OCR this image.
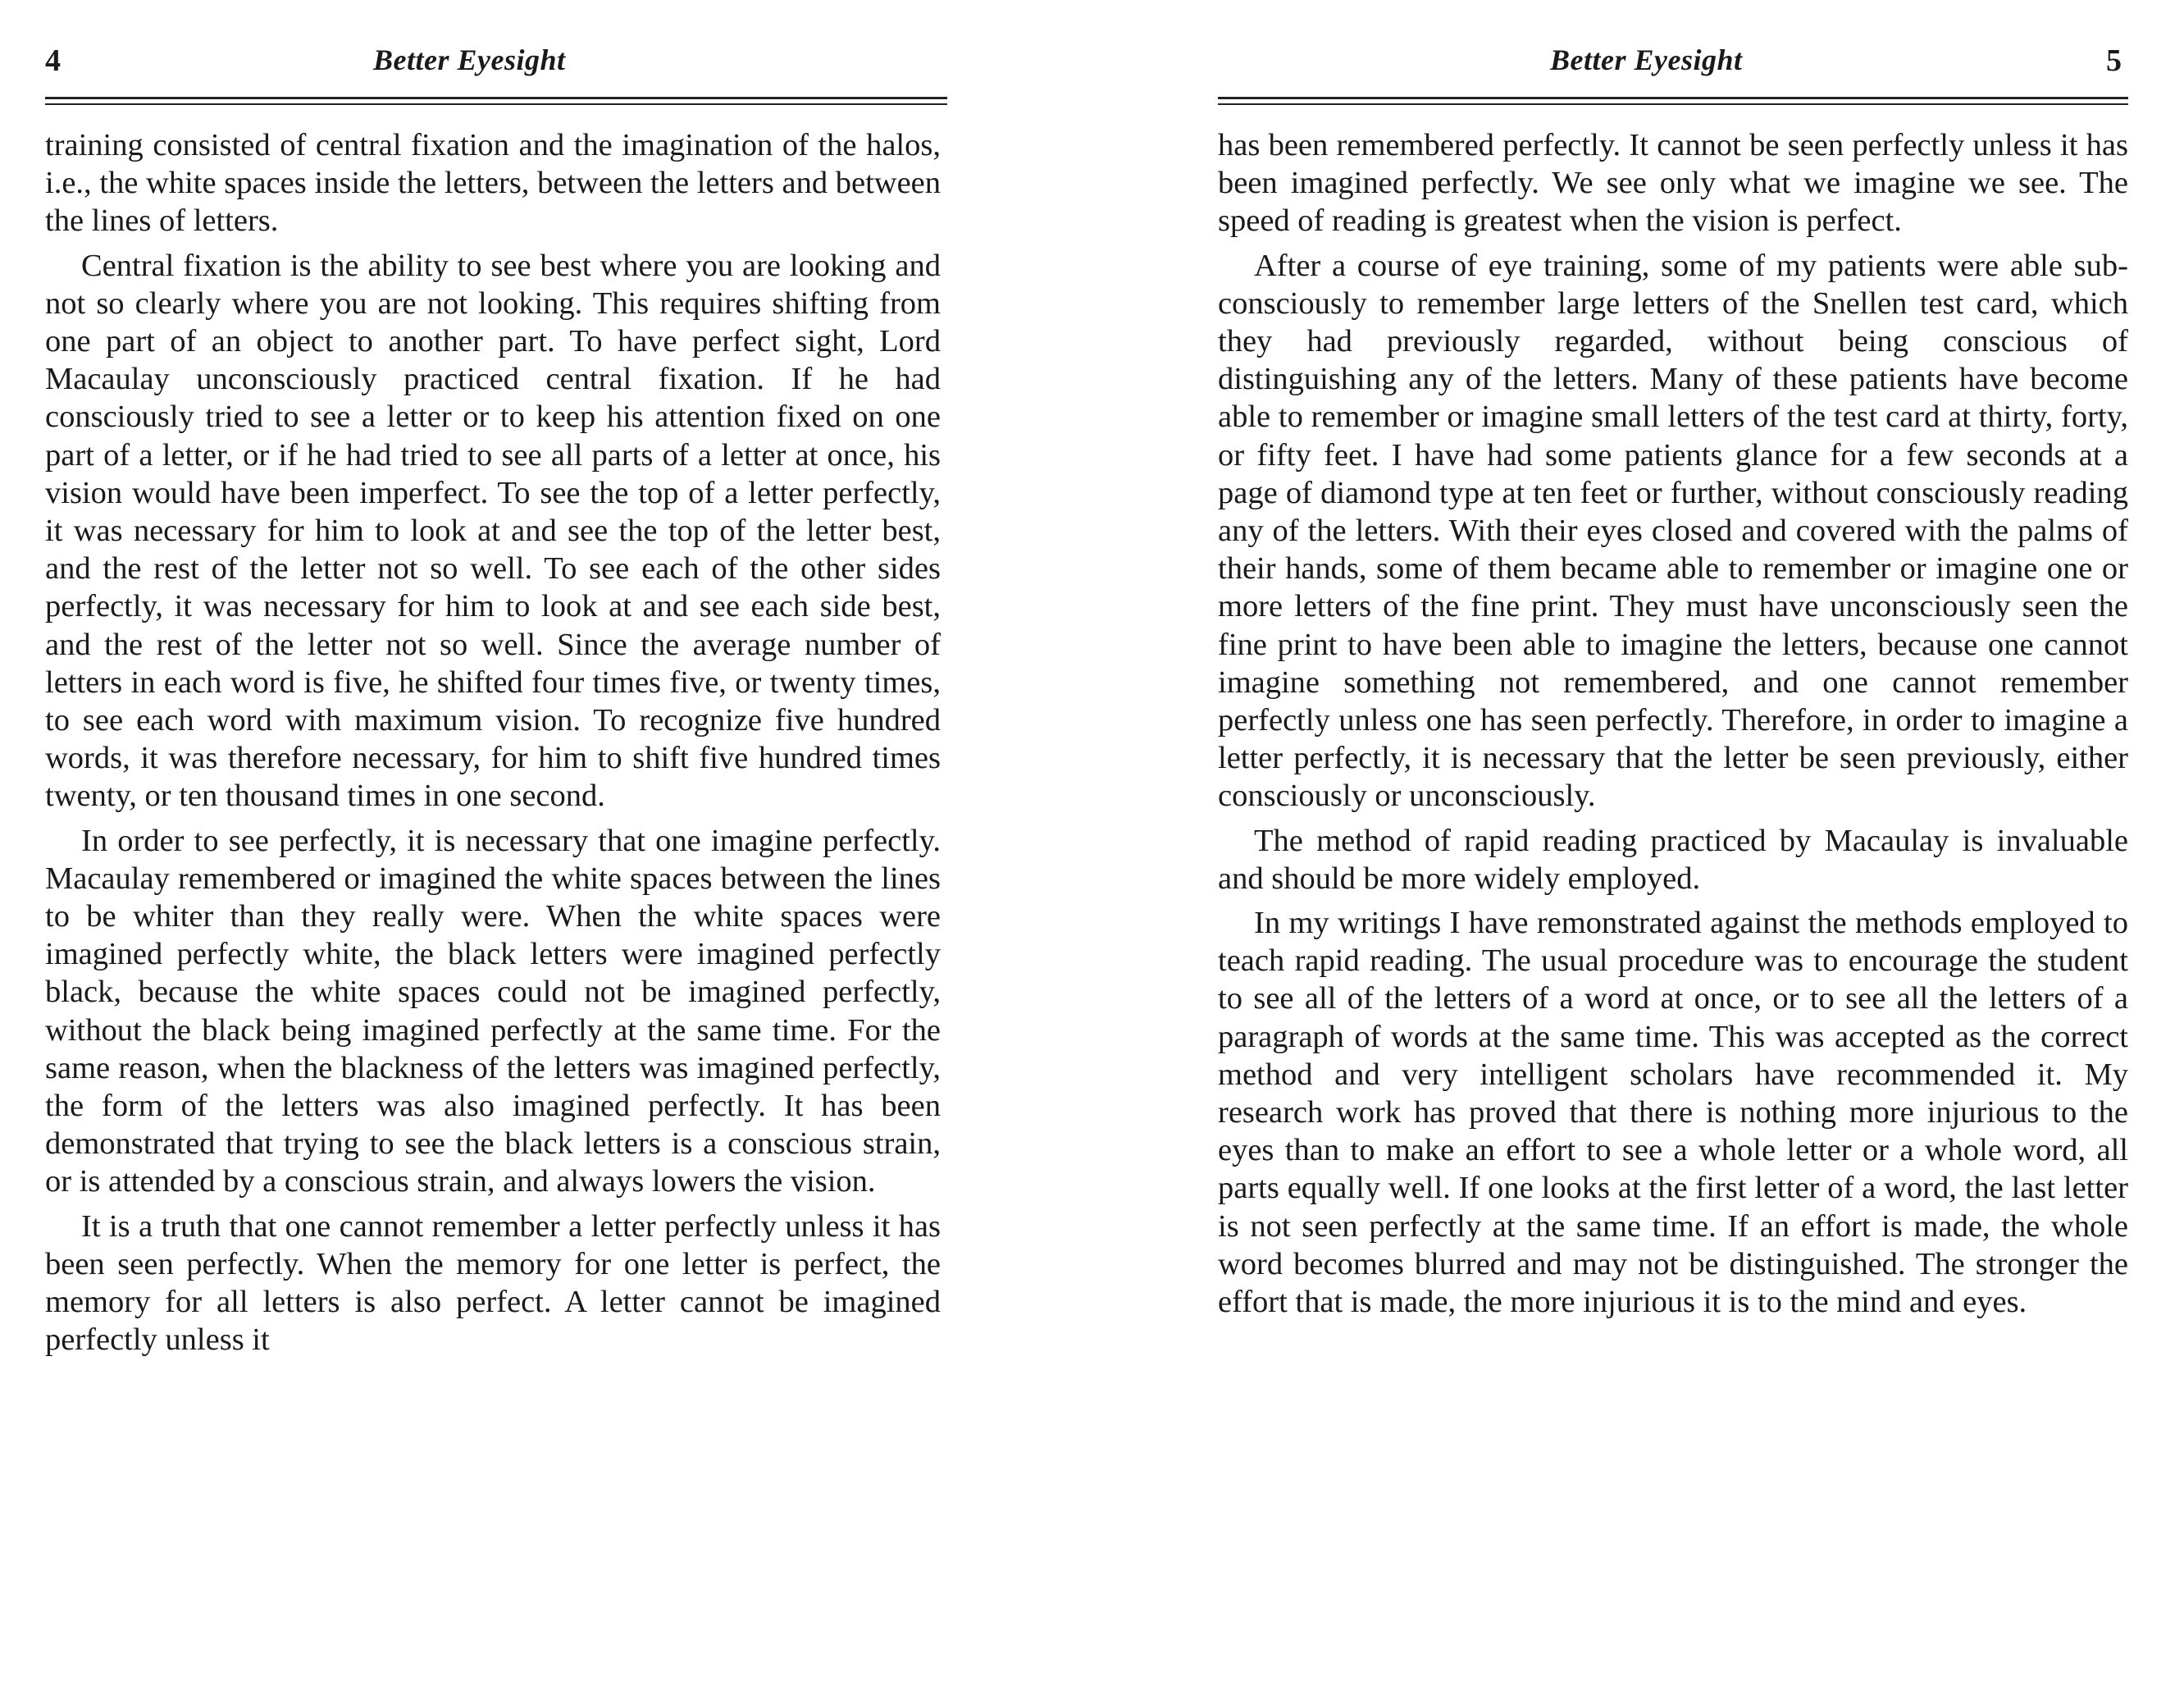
4	Better Eyesight

training consisted of central fixation and the imagination of the halos, i.e., the white spaces inside the letters, between the letters and between the lines of letters.

Central fixation is the ability to see best where you are looking and not so clearly where you are not looking. This requires shifting from one part of an object to another part. To have perfect sight, Lord Macaulay unconsciously practiced central fixation. If he had consciously tried to see a letter or to keep his attention fixed on one part of a letter, or if he had tried to see all parts of a letter at once, his vision would have been imperfect. To see the top of a letter perfectly, it was necessary for him to look at and see the top of the letter best, and the rest of the letter not so well. To see each of the other sides perfectly, it was necessary for him to look at and see each side best, and the rest of the letter not so well. Since the average number of letters in each word is five, he shifted four times five, or twenty times, to see each word with maximum vision. To recognize five hundred words, it was therefore necessary, for him to shift five hundred times twenty, or ten thousand times in one second.

In order to see perfectly, it is necessary that one imagine perfectly. Macaulay remembered or imagined the white spaces between the lines to be whiter than they really were. When the white spaces were imagined perfectly white, the black letters were imagined perfectly black, because the white spaces could not be imagined perfectly, without the black being imagined perfectly at the same time. For the same reason, when the blackness of the letters was imagined perfectly, the form of the letters was also imagined perfectly. It has been demonstrated that trying to see the black letters is a conscious strain, or is attended by a conscious strain, and always lowers the vision.

It is a truth that one cannot remember a letter perfectly unless it has been seen perfectly. When the memory for one letter is perfect, the memory for all letters is also perfect. A letter cannot be imagined perfectly unless it

Better Eyesight	5

has been remembered perfectly. It cannot be seen perfectly unless it has been imagined perfectly. We see only what we imagine we see. The speed of reading is greatest when the vision is perfect.

After a course of eye training, some of my patients were able sub-consciously to remember large letters of the Snellen test card, which they had previously regarded, without being conscious of distinguishing any of the letters. Many of these patients have become able to remember or imagine small letters of the test card at thirty, forty, or fifty feet. I have had some patients glance for a few seconds at a page of diamond type at ten feet or further, without consciously reading any of the letters. With their eyes closed and covered with the palms of their hands, some of them became able to remember or imagine one or more letters of the fine print. They must have unconsciously seen the fine print to have been able to imagine the letters, because one cannot imagine something not remembered, and one cannot remember perfectly unless one has seen perfectly. Therefore, in order to imagine a letter perfectly, it is necessary that the letter be seen previously, either consciously or unconsciously.

The method of rapid reading practiced by Macaulay is invaluable and should be more widely employed.

In my writings I have remonstrated against the methods employed to teach rapid reading. The usual procedure was to encourage the student to see all of the letters of a word at once, or to see all the letters of a paragraph of words at the same time. This was accepted as the correct method and very intelligent scholars have recommended it. My research work has proved that there is nothing more injurious to the eyes than to make an effort to see a whole letter or a whole word, all parts equally well. If one looks at the first letter of a word, the last letter is not seen perfectly at the same time. If an effort is made, the whole word becomes blurred and may not be distinguished. The stronger the effort that is made, the more injurious it is to the mind and eyes.
